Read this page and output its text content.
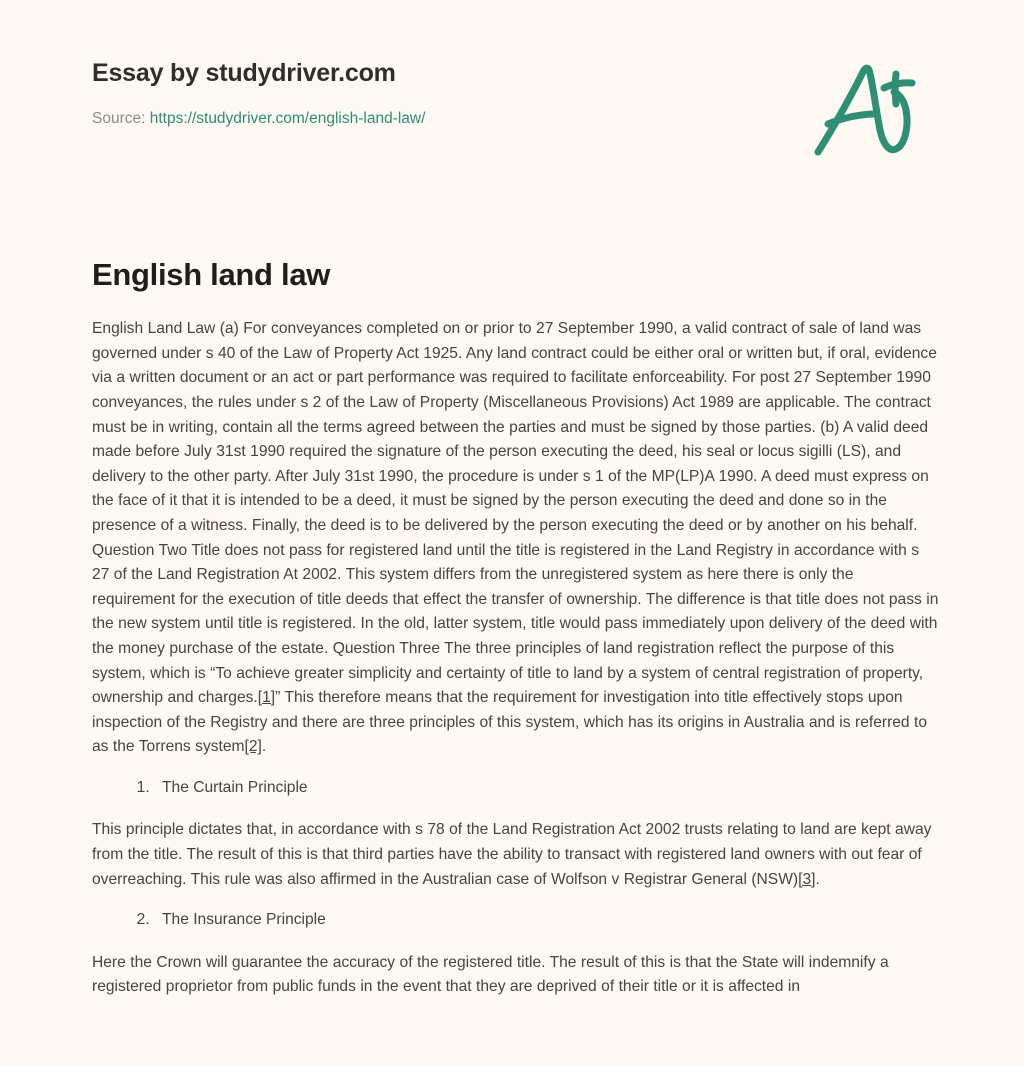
Essay by studydriver.com
Source: https://studydriver.com/english-land-law/
English land law

English Land Law (a) For conveyances completed on or prior to 27 September 1990, a valid contract of sale of land was governed under s 40 of the Law of Property Act 1925. Any land contract could be either oral or written but, if oral, evidence via a written document or an act or part performance was required to facilitate enforceability. For post 27 September 1990 conveyances, the rules under s 2 of the Law of Property (Miscellaneous Provisions) Act 1989 are applicable. The contract must be in writing, contain all the terms agreed between the parties and must be signed by those parties. (b) A valid deed made before July 31st 1990 required the signature of the person executing the deed, his seal or locus sigilli (LS), and delivery to the other party. After July 31st 1990, the procedure is under s 1 of the MP(LP)A 1990. A deed must express on the face of it that it is intended to be a deed, it must be signed by the person executing the deed and done so in the presence of a witness. Finally, the deed is to be delivered by the person executing the deed or by another on his behalf. Question Two Title does not pass for registered land until the title is registered in the Land Registry in accordance with s 27 of the Land Registration At 2002. This system differs from the unregistered system as here there is only the requirement for the execution of title deeds that effect the transfer of ownership. The difference is that title does not pass in the new system until title is registered. In the old, latter system, title would pass immediately upon delivery of the deed with the money purchase of the estate. Question Three The three principles of land registration reflect the purpose of this system, which is “To achieve greater simplicity and certainty of title to land by a system of central registration of property, ownership and charges.[1]” This therefore means that the requirement for investigation into title effectively stops upon inspection of the Registry and there are three principles of this system, which has its origins in Australia and is referred to as the Torrens system[2].

1. The Curtain Principle

This principle dictates that, in accordance with s 78 of the Land Registration Act 2002 trusts relating to land are kept away from the title. The result of this is that third parties have the ability to transact with registered land owners with out fear of overreaching. This rule was also affirmed in the Australian case of Wolfson v Registrar General (NSW)[3].

2. The Insurance Principle

Here the Crown will guarantee the accuracy of the registered title. The result of this is that the State will indemnify a registered proprietor from public funds in the event that they are deprived of their title or it is affected in
